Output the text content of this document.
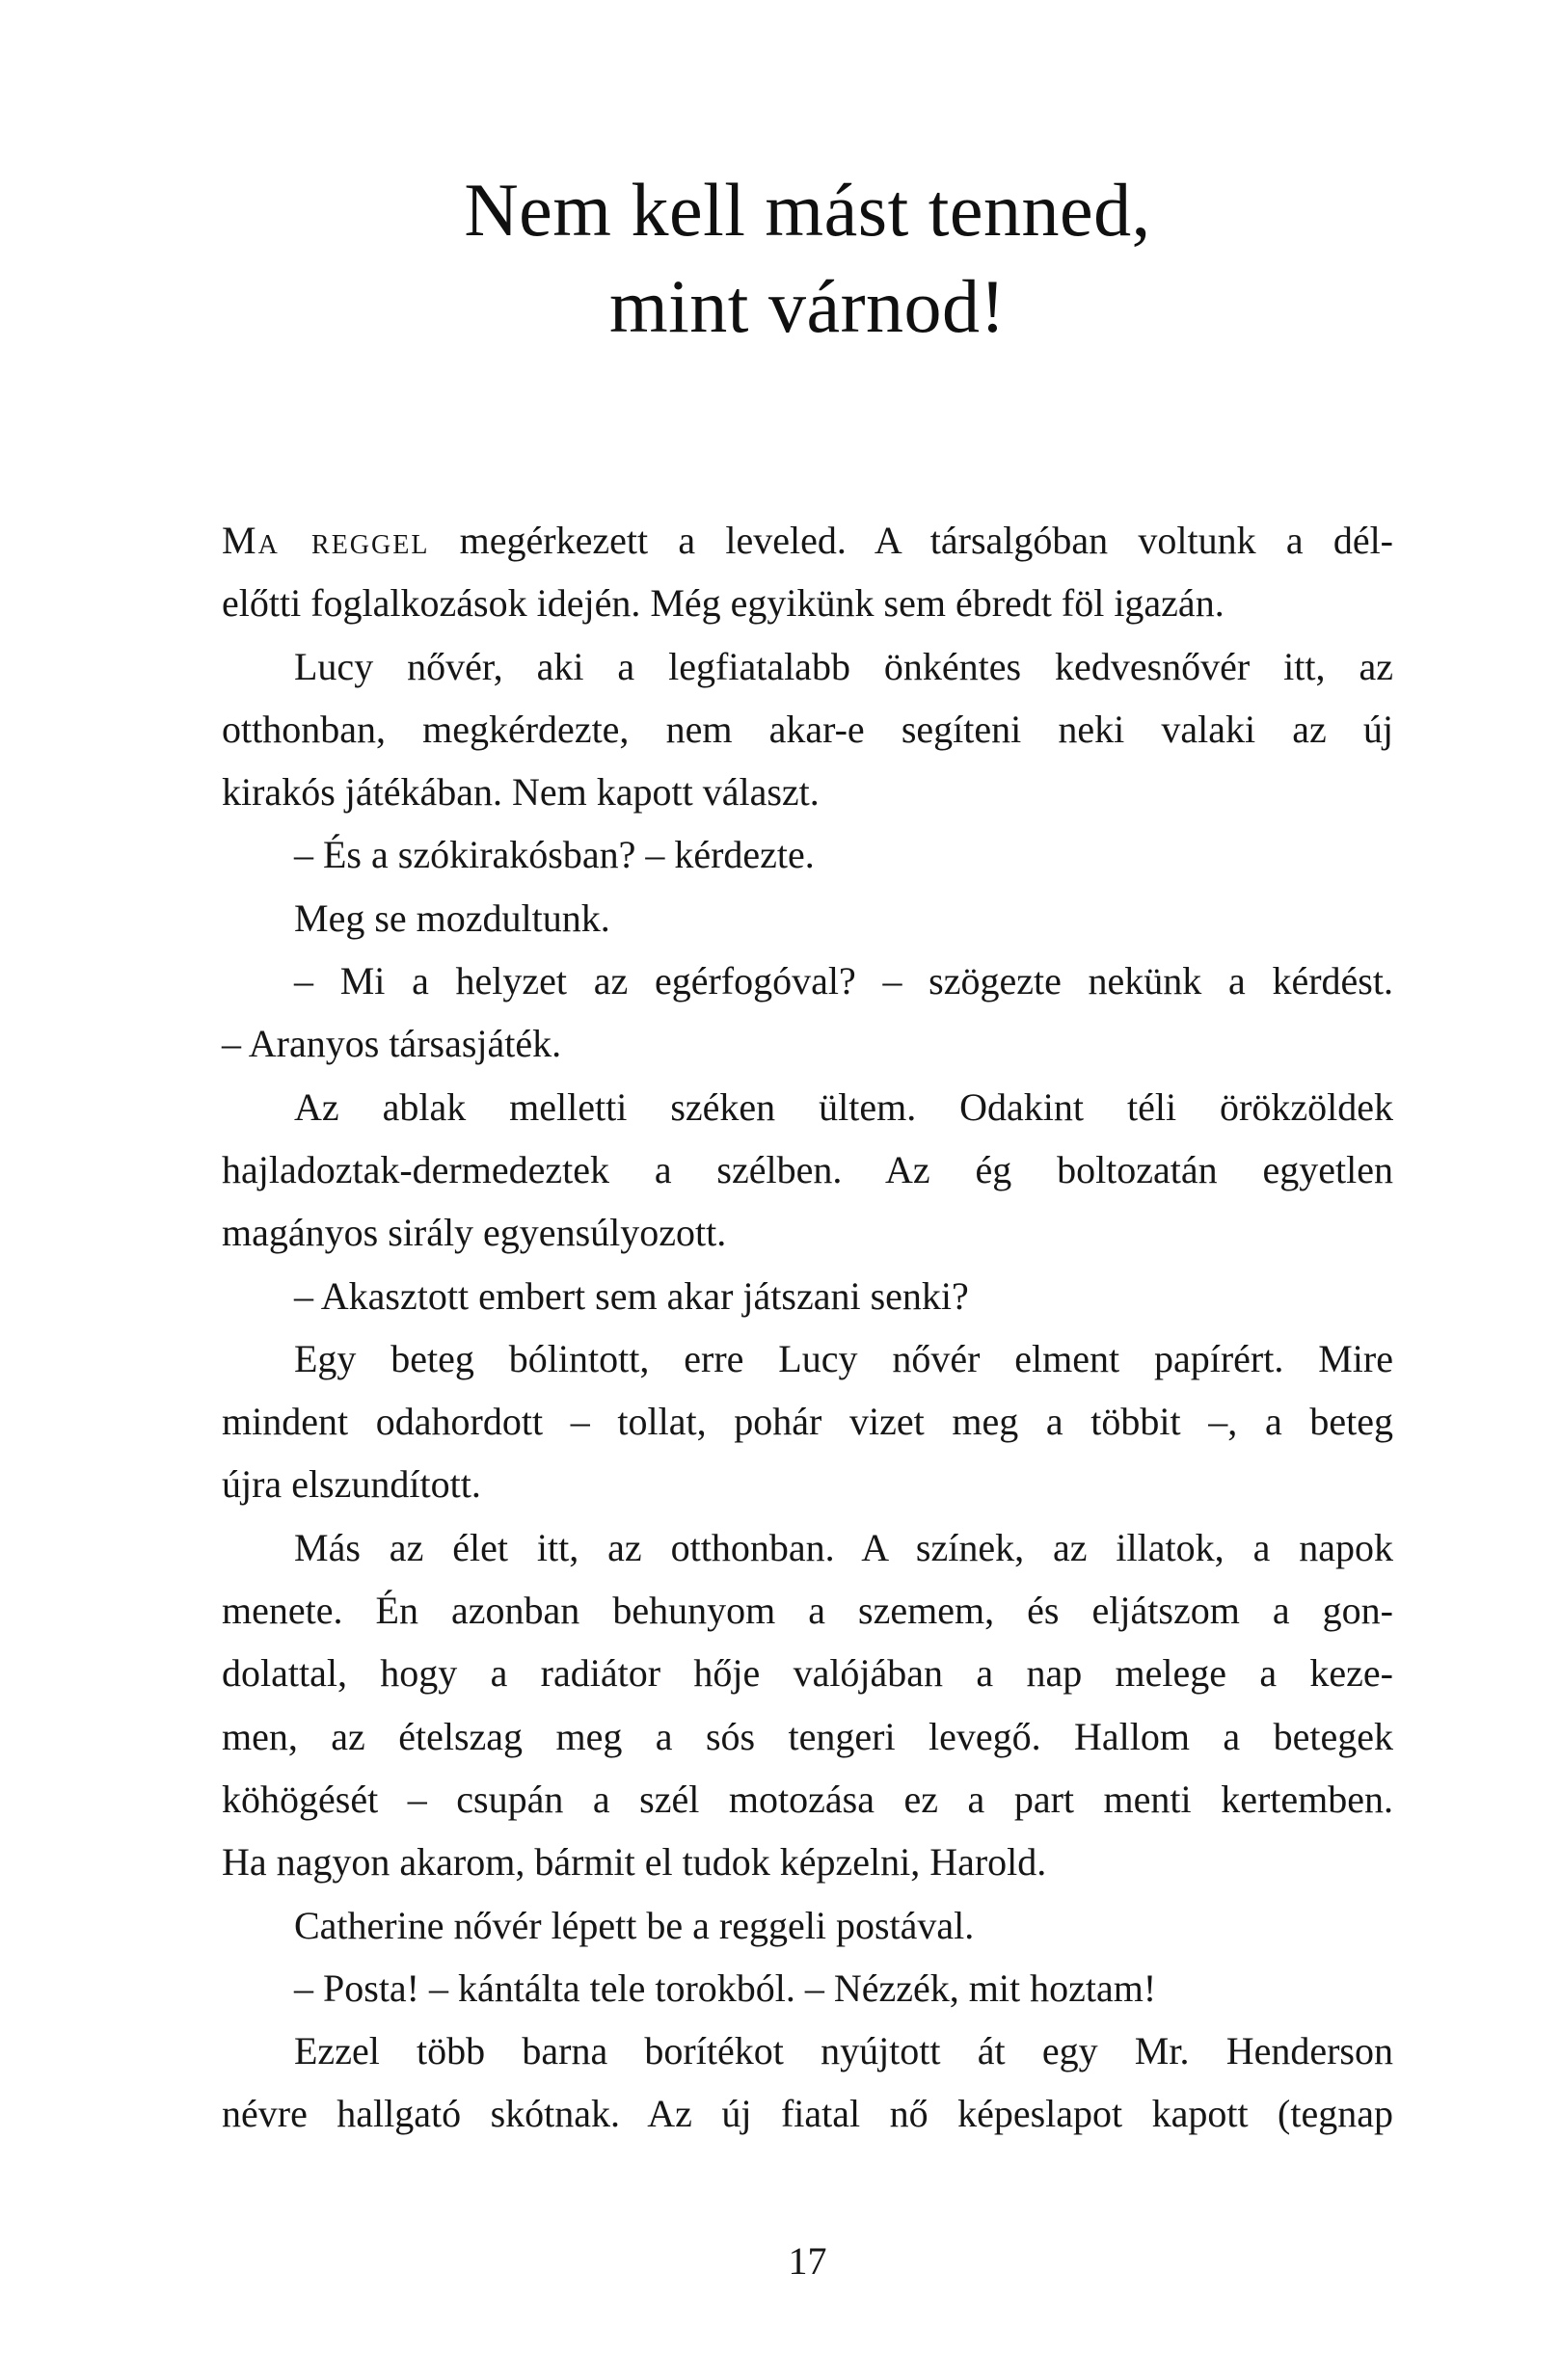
Nem kell mást tenned,
mint várnod!
Ma reggel megérkezett a leveled. A társalgóban voltunk a dél-
előtti foglalkozások idején. Még egyikünk sem ébredt föl igazán.
Lucy nővér, aki a legfiatalabb önkéntes kedvesnővér itt, az
otthonban, megkérdezte, nem akar-e segíteni neki valaki az új
kirakós játékában. Nem kapott választ.
– És a szókirakósban? – kérdezte.
Meg se mozdultunk.
– Mi a helyzet az egérfogóval? – szögezte nekünk a kérdést.
– Aranyos társasjáték.
Az ablak melletti széken ültem. Odakint téli örökzöldek
hajladoztak-dermedeztek a szélben. Az ég boltozatán egyetlen
magányos sirály egyensúlyozott.
– Akasztott embert sem akar játszani senki?
Egy beteg bólintott, erre Lucy nővér elment papírért. Mire
mindent odahordott – tollat, pohár vizet meg a többit –, a beteg
újra elszundított.
Más az élet itt, az otthonban. A színek, az illatok, a napok
menete. Én azonban behunyom a szemem, és eljátszom a gon-
dolattal, hogy a radiátor hője valójában a nap melege a keze-
men, az ételszag meg a sós tengeri levegő. Hallom a betegek
köhögését – csupán a szél motozása ez a part menti kertemben.
Ha nagyon akarom, bármit el tudok képzelni, Harold.
Catherine nővér lépett be a reggeli postával.
– Posta! – kántálta tele torokból. – Nézzék, mit hoztam!
Ezzel több barna borítékot nyújtott át egy Mr. Henderson
névre hallgató skótnak. Az új fiatal nő képeslapot kapott (tegnap
17
